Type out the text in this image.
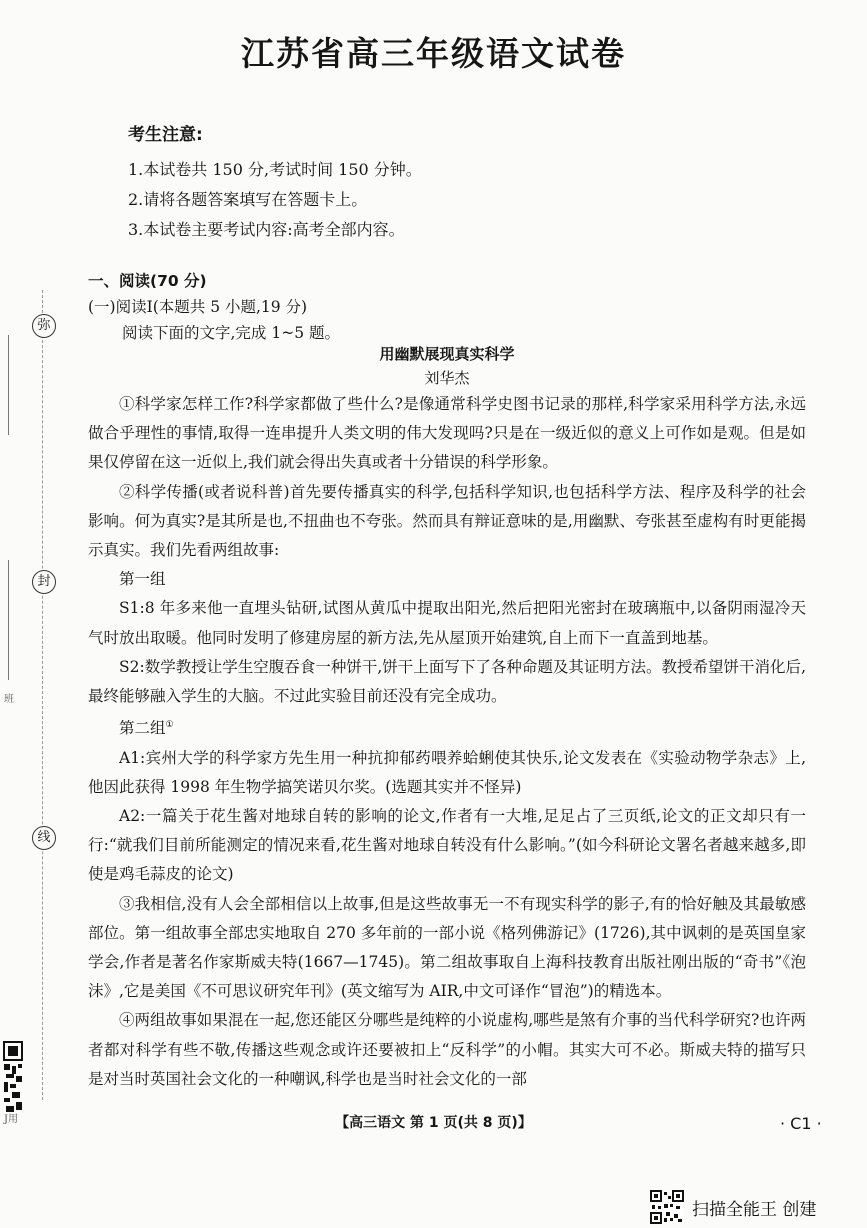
弥
封
线
班
J用
江苏省高三年级语文试卷
考生注意:
1.本试卷共 150 分,考试时间 150 分钟。
2.请将各题答案填写在答题卡上。
3.本试卷主要考试内容:高考全部内容。
一、阅读(70 分)
(一)阅读Ⅰ(本题共 5 小题,19 分)
阅读下面的文字,完成 1~5 题。
用幽默展现真实科学
刘华杰

①科学家怎样工作?科学家都做了些什么?是像通常科学史图书记录的那样,科学家采用科学方法,永远做合乎理性的事情,取得一连串提升人类文明的伟大发现吗?只是在一级近似的意义上可作如是观。但是如果仅停留在这一近似上,我们就会得出失真或者十分错误的科学形象。

②科学传播(或者说科普)首先要传播真实的科学,包括科学知识,也包括科学方法、程序及科学的社会影响。何为真实?是其所是也,不扭曲也不夸张。然而具有辩证意味的是,用幽默、夸张甚至虚构有时更能揭示真实。我们先看两组故事:

第一组

S1:8 年多来他一直埋头钻研,试图从黄瓜中提取出阳光,然后把阳光密封在玻璃瓶中,以备阴雨湿冷天气时放出取暖。他同时发明了修建房屋的新方法,先从屋顶开始建筑,自上而下一直盖到地基。

S2:数学教授让学生空腹吞食一种饼干,饼干上面写下了各种命题及其证明方法。教授希望饼干消化后,最终能够融入学生的大脑。不过此实验目前还没有完全成功。

第二组①

A1:宾州大学的科学家方先生用一种抗抑郁药喂养蛤蜊使其快乐,论文发表在《实验动物学杂志》上,他因此获得 1998 年生物学搞笑诺贝尔奖。(选题其实并不怪异)

A2:一篇关于花生酱对地球自转的影响的论文,作者有一大堆,足足占了三页纸,论文的正文却只有一行:“就我们目前所能测定的情况来看,花生酱对地球自转没有什么影响。”(如今科研论文署名者越来越多,即使是鸡毛蒜皮的论文)

③我相信,没有人会全部相信以上故事,但是这些故事无一不有现实科学的影子,有的恰好触及其最敏感部位。第一组故事全部忠实地取自 270 多年前的一部小说《格列佛游记》(1726),其中讽刺的是英国皇家学会,作者是著名作家斯威夫特(1667—1745)。第二组故事取自上海科技教育出版社刚出版的“奇书”《泡沫》,它是美国《不可思议研究年刊》(英文缩写为 AIR,中文可译作“冒泡”)的精选本。

④两组故事如果混在一起,您还能区分哪些是纯粹的小说虚构,哪些是煞有介事的当代科学研究?也许两者都对科学有些不敬,传播这些观念或许还要被扣上“反科学”的小帽。其实大可不必。斯威夫特的描写只是对当时英国社会文化的一种嘲讽,科学也是当时社会文化的一部

【高三语文 第 1 页(共 8 页)】	· C1 ·
扫描全能王 创建
